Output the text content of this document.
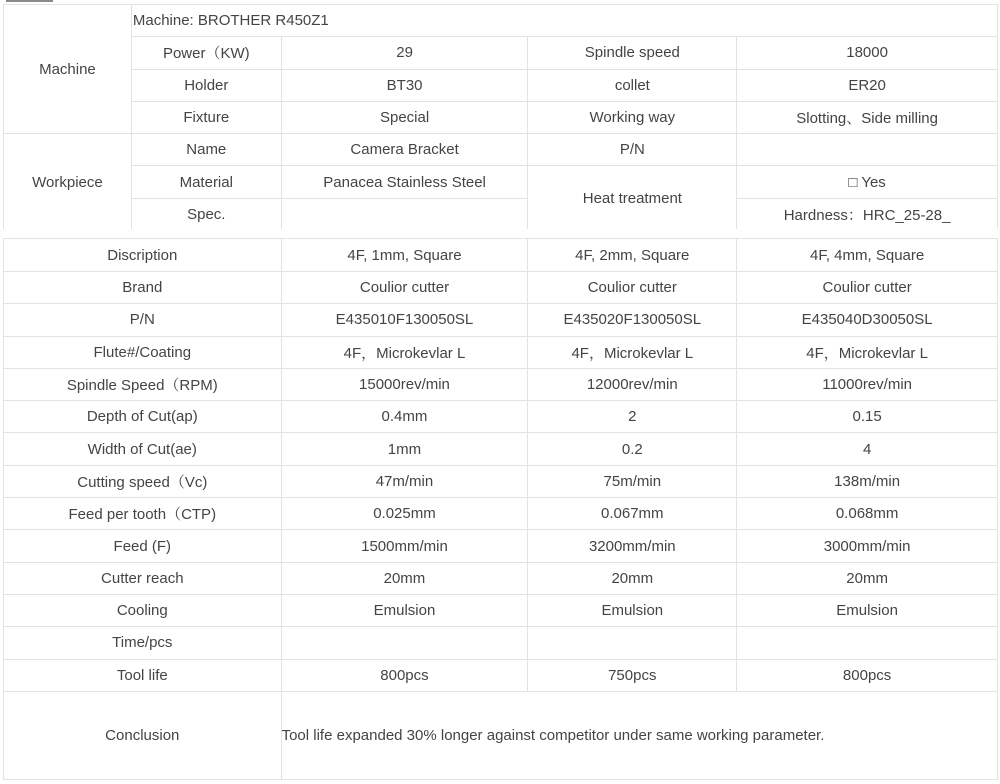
Machine	Machine: BROTHER R450Z1			
	Power（KW)	29	Spindle speed	18000
	Holder	BT30	collet	ER20
	Fixture	Special	Working way	Slotting、Side milling
Workpiece	Name	Camera Bracket	P/N	
	Material	Panacea Stainless Steel	Heat treatment	□ Yes
	Spec.			Hardness：HRC_25-28_
Discription	4F, 1mm, Square	4F, 2mm, Square	4F, 4mm, Square
Brand	Coulior cutter	Coulior cutter	Coulior cutter
P/N	E435010F130050SL	E435020F130050SL	E435040D30050SL
Flute#/Coating	4F，Microkevlar L	4F，Microkevlar L	4F，Microkevlar L
Spindle Speed（RPM)	15000rev/min	12000rev/min	11000rev/min
Depth of Cut(ap)	0.4mm	2	0.15
Width of Cut(ae)	1mm	0.2	4
Cutting speed（Vc)	47m/min	75m/min	138m/min
Feed per tooth（CTP)	0.025mm	0.067mm	0.068mm
Feed (F)	1500mm/min	3200mm/min	3000mm/min
Cutter reach	20mm	20mm	20mm
Cooling	Emulsion	Emulsion	Emulsion
Time/pcs			
Tool life	800pcs	750pcs	800pcs
Conclusion	Tool life expanded 30% longer against competitor under same working parameter.		
